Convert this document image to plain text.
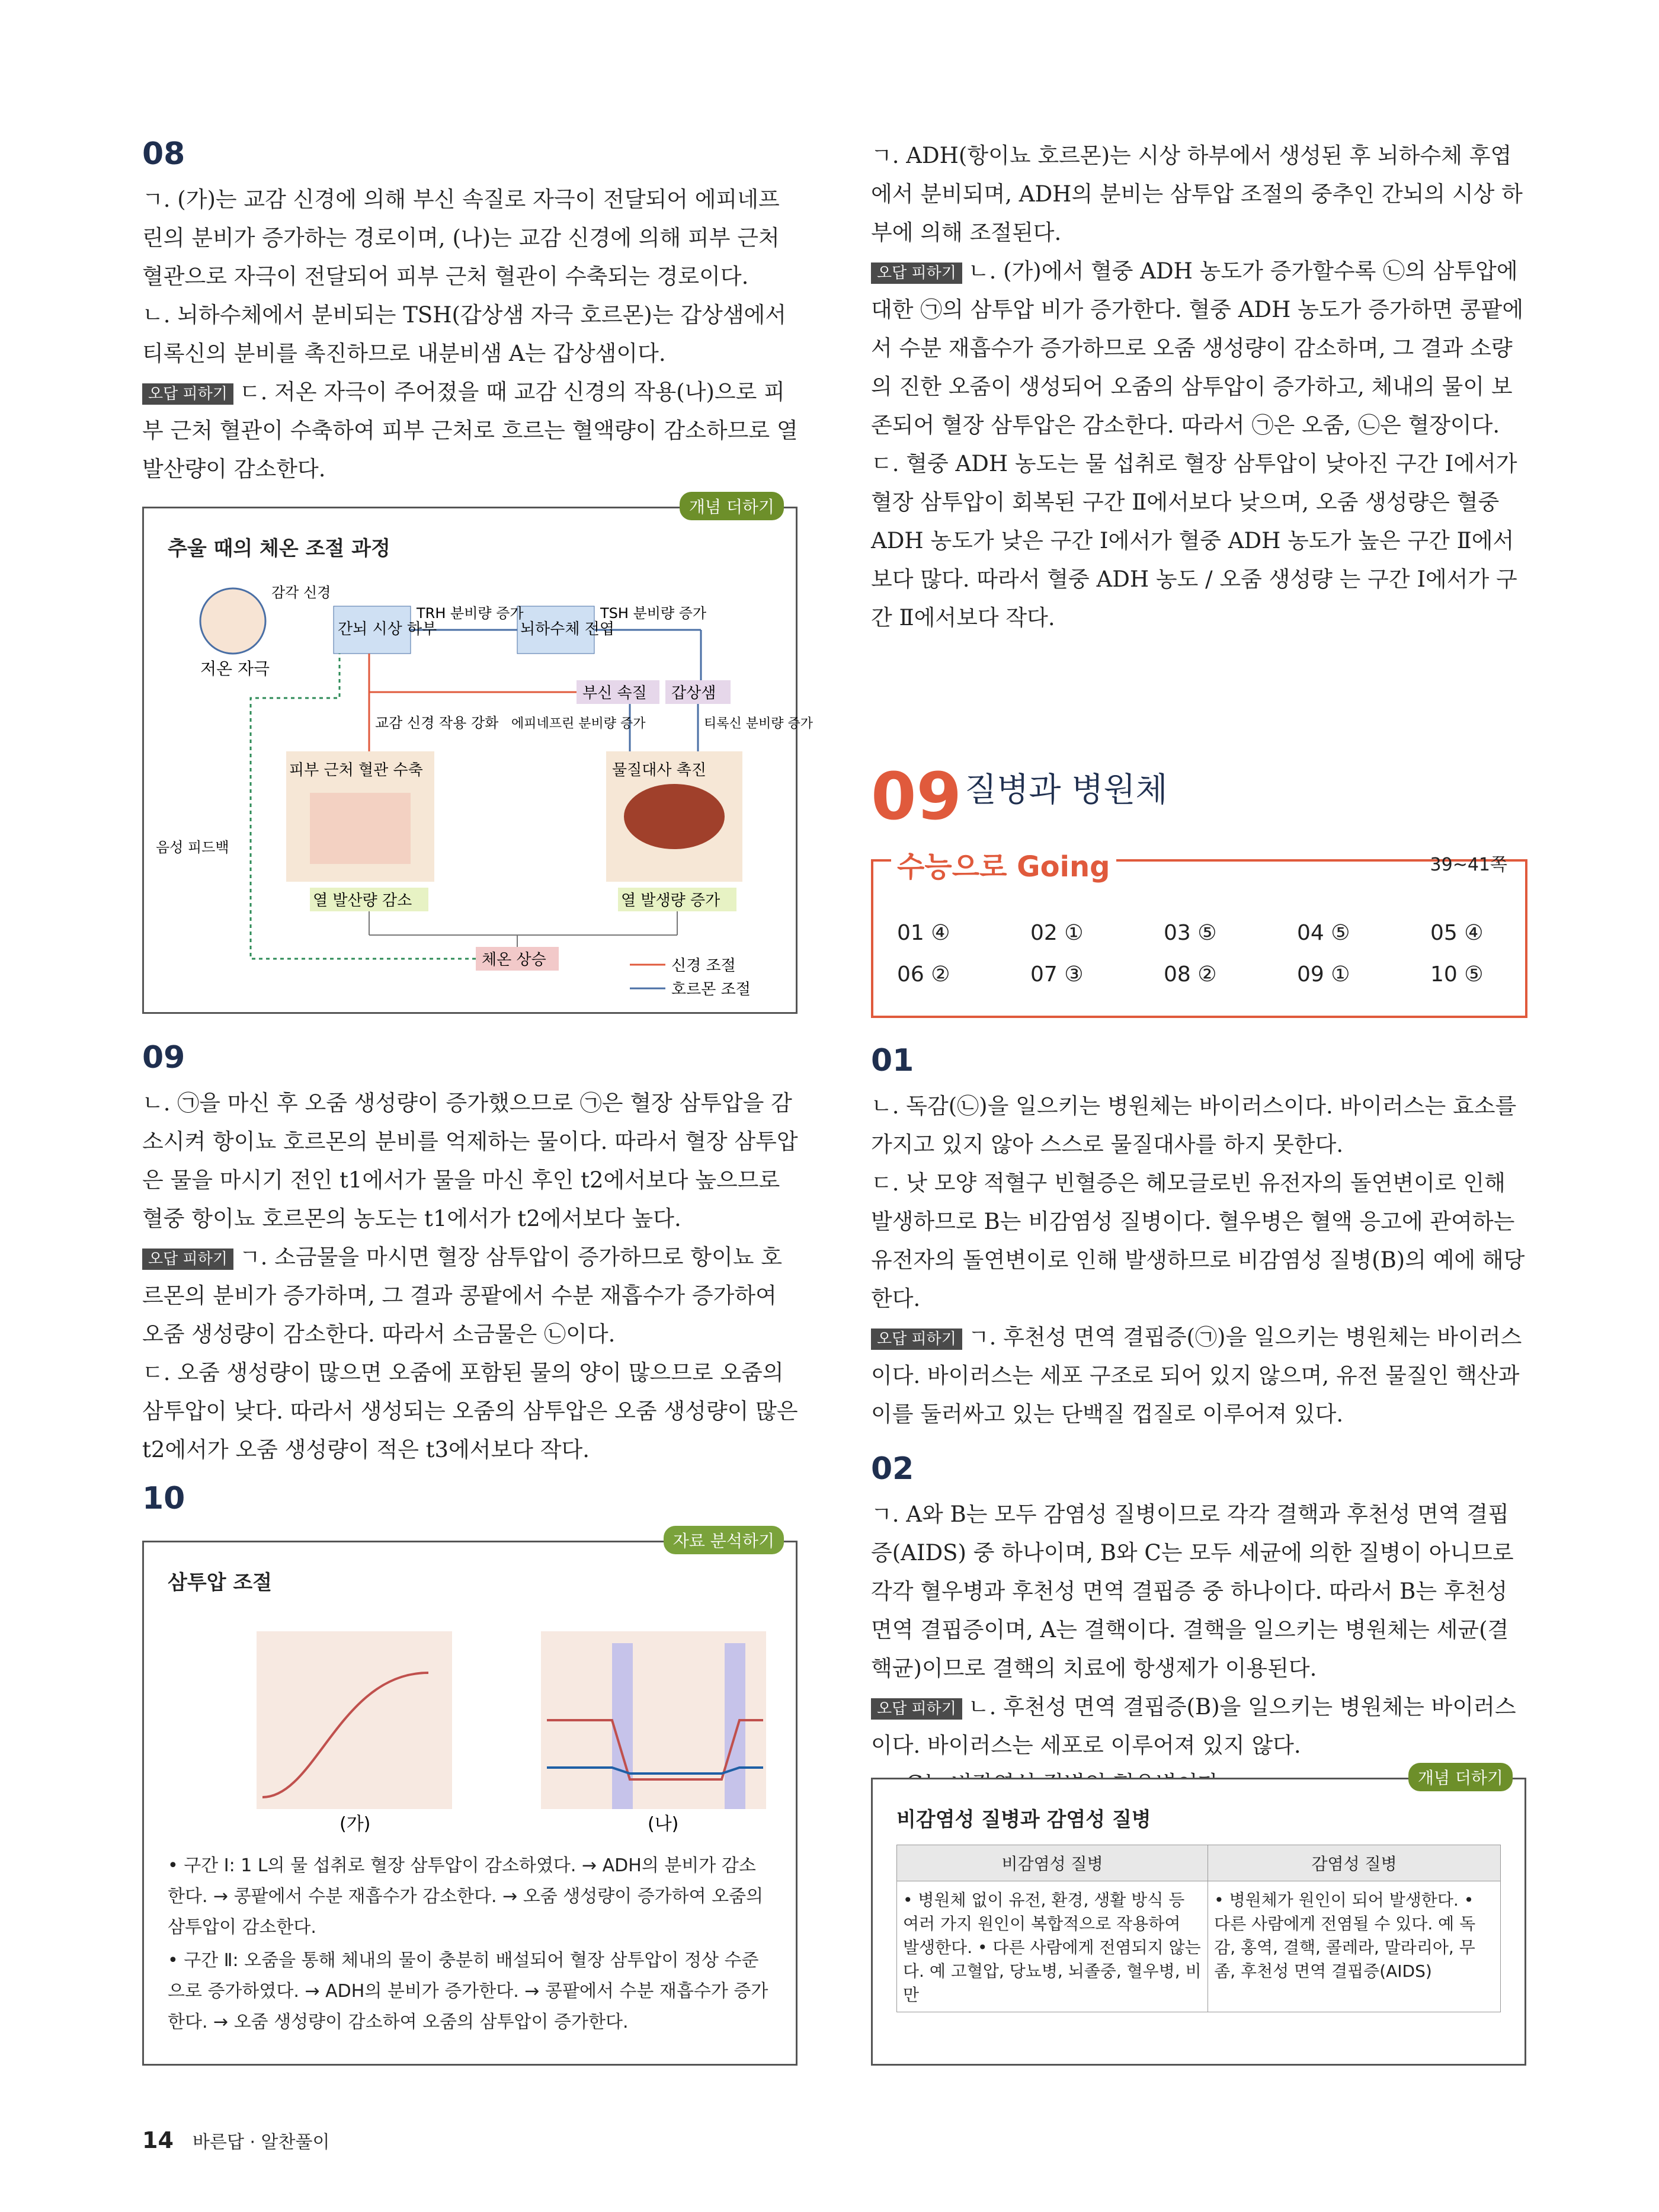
08

ㄱ. (가)는 교감 신경에 의해 부신 속질로 자극이 전달되어 에피네프린의 분비가 증가하는 경로이며, (나)는 교감 신경에 의해 피부 근처 혈관으로 자극이 전달되어 피부 근처 혈관이 수축되는 경로이다.

ㄴ. 뇌하수체에서 분비되는 TSH(갑상샘 자극 호르몬)는 갑상샘에서 티록신의 분비를 촉진하므로 내분비샘 A는 갑상샘이다.

오답 피하기 ㄷ. 저온 자극이 주어졌을 때 교감 신경의 작용(나)으로 피부 근처 혈관이 수축하여 피부 근처로 흐르는 혈액량이 감소하므로 열 발산량이 감소한다.

개념 더하기
추울 때의 체온 조절 과정
저온 자극
간뇌 시상 하부	뇌하수체 전엽
부신 속질 갑상샘
피부 근처 혈관 수축	물질대사 촉진
열 발산량 감소	열 발생량 증가
체온 상승	신경 조절
호르몬 조절
TRH 분비량 증가	TSH 분비량 증가
교감 신경 작용 강화 에피네프린 분비량 증가	티록신 분비량 증가
음성 피드백
감각 신경
09

ㄴ. ㉠을 마신 후 오줌 생성량이 증가했으므로 ㉠은 혈장 삼투압을 감소시켜 항이뇨 호르몬의 분비를 억제하는 물이다. 따라서 혈장 삼투압은 물을 마시기 전인 t1에서가 물을 마신 후인 t2에서보다 높으므로 혈중 항이뇨 호르몬의 농도는 t1에서가 t2에서보다 높다.

오답 피하기 ㄱ. 소금물을 마시면 혈장 삼투압이 증가하므로 항이뇨 호르몬의 분비가 증가하며, 그 결과 콩팥에서 수분 재흡수가 증가하여 오줌 생성량이 감소한다. 따라서 소금물은 ㉡이다.

ㄷ. 오줌 생성량이 많으면 오줌에 포함된 물의 양이 많으므로 오줌의 삼투압이 낮다. 따라서 생성되는 오줌의 삼투압은 오줌 생성량이 많은 t2에서가 오줌 생성량이 적은 t3에서보다 작다.

10
자료 분석하기
삼투압 조절
(가)	(나)
• 구간 Ⅰ: 1 L의 물 섭취로 혈장 삼투압이 감소하였다. → ADH의 분비가 감소한다. → 콩팥에서 수분 재흡수가 감소한다. → 오줌 생성량이 증가하여 오줌의 삼투압이 감소한다.
• 구간 Ⅱ: 오줌을 통해 체내의 물이 충분히 배설되어 혈장 삼투압이 정상 수준으로 증가하였다. → ADH의 분비가 증가한다. → 콩팥에서 수분 재흡수가 증가한다. → 오줌 생성량이 감소하여 오줌의 삼투압이 증가한다.

ㄱ. ADH(항이뇨 호르몬)는 시상 하부에서 생성된 후 뇌하수체 후엽에서 분비되며, ADH의 분비는 삼투압 조절의 중추인 간뇌의 시상 하부에 의해 조절된다.

오답 피하기 ㄴ. (가)에서 혈중 ADH 농도가 증가할수록 ㉡의 삼투압에 대한 ㉠의 삼투압 비가 증가한다. 혈중 ADH 농도가 증가하면 콩팥에서 수분 재흡수가 증가하므로 오줌 생성량이 감소하며, 그 결과 소량의 진한 오줌이 생성되어 오줌의 삼투압이 증가하고, 체내의 물이 보존되어 혈장 삼투압은 감소한다. 따라서 ㉠은 오줌, ㉡은 혈장이다.

ㄷ. 혈중 ADH 농도는 물 섭취로 혈장 삼투압이 낮아진 구간 Ⅰ에서가 혈장 삼투압이 회복된 구간 Ⅱ에서보다 낮으며, 오줌 생성량은 혈중 ADH 농도가 낮은 구간 Ⅰ에서가 혈중 ADH 농도가 높은 구간 Ⅱ에서보다 많다. 따라서 혈중 ADH 농도 / 오줌 생성량 는 구간 Ⅰ에서가 구간 Ⅱ에서보다 작다.

09 질병과 병원체
수능으로 Going	39~41쪽
01 ④	02 ①	03 ⑤	04 ⑤	05 ④
06 ②	07 ③	08 ②	09 ①	10 ⑤
01

ㄴ. 독감(㉡)을 일으키는 병원체는 바이러스이다. 바이러스는 효소를 가지고 있지 않아 스스로 물질대사를 하지 못한다.

ㄷ. 낫 모양 적혈구 빈혈증은 헤모글로빈 유전자의 돌연변이로 인해 발생하므로 B는 비감염성 질병이다. 혈우병은 혈액 응고에 관여하는 유전자의 돌연변이로 인해 발생하므로 비감염성 질병(B)의 예에 해당한다.

오답 피하기 ㄱ. 후천성 면역 결핍증(㉠)을 일으키는 병원체는 바이러스이다. 바이러스는 세포 구조로 되어 있지 않으며, 유전 물질인 핵산과 이를 둘러싸고 있는 단백질 껍질로 이루어져 있다.

02

ㄱ. A와 B는 모두 감염성 질병이므로 각각 결핵과 후천성 면역 결핍증(AIDS) 중 하나이며, B와 C는 모두 세균에 의한 질병이 아니므로 각각 혈우병과 후천성 면역 결핍증 중 하나이다. 따라서 B는 후천성 면역 결핍증이며, A는 결핵이다. 결핵을 일으키는 병원체는 세균(결핵균)이므로 결핵의 치료에 항생제가 이용된다.

오답 피하기 ㄴ. 후천성 면역 결핍증(B)을 일으키는 병원체는 바이러스이다. 바이러스는 세포로 이루어져 있지 않다.

개념 더하기
비감염성 질병과 감염성 질병
비감염성 질병	감염성 질병
• 병원체 없이 유전, 환경, 생활 방식 등 여러 가지 원인이 복합적으로 작용하여 발생한다. • 다른 사람에게 전염되지 않는다. 예 고혈압, 당뇨병, 뇌졸중, 혈우병, 비만	• 병원체가 원인이 되어 발생한다. • 다른 사람에게 전염될 수 있다. 예 독감, 홍역, 결핵, 콜레라, 말라리아, 무좀, 후천성 면역 결핍증(AIDS)
14 바른답 · 알찬풀이
